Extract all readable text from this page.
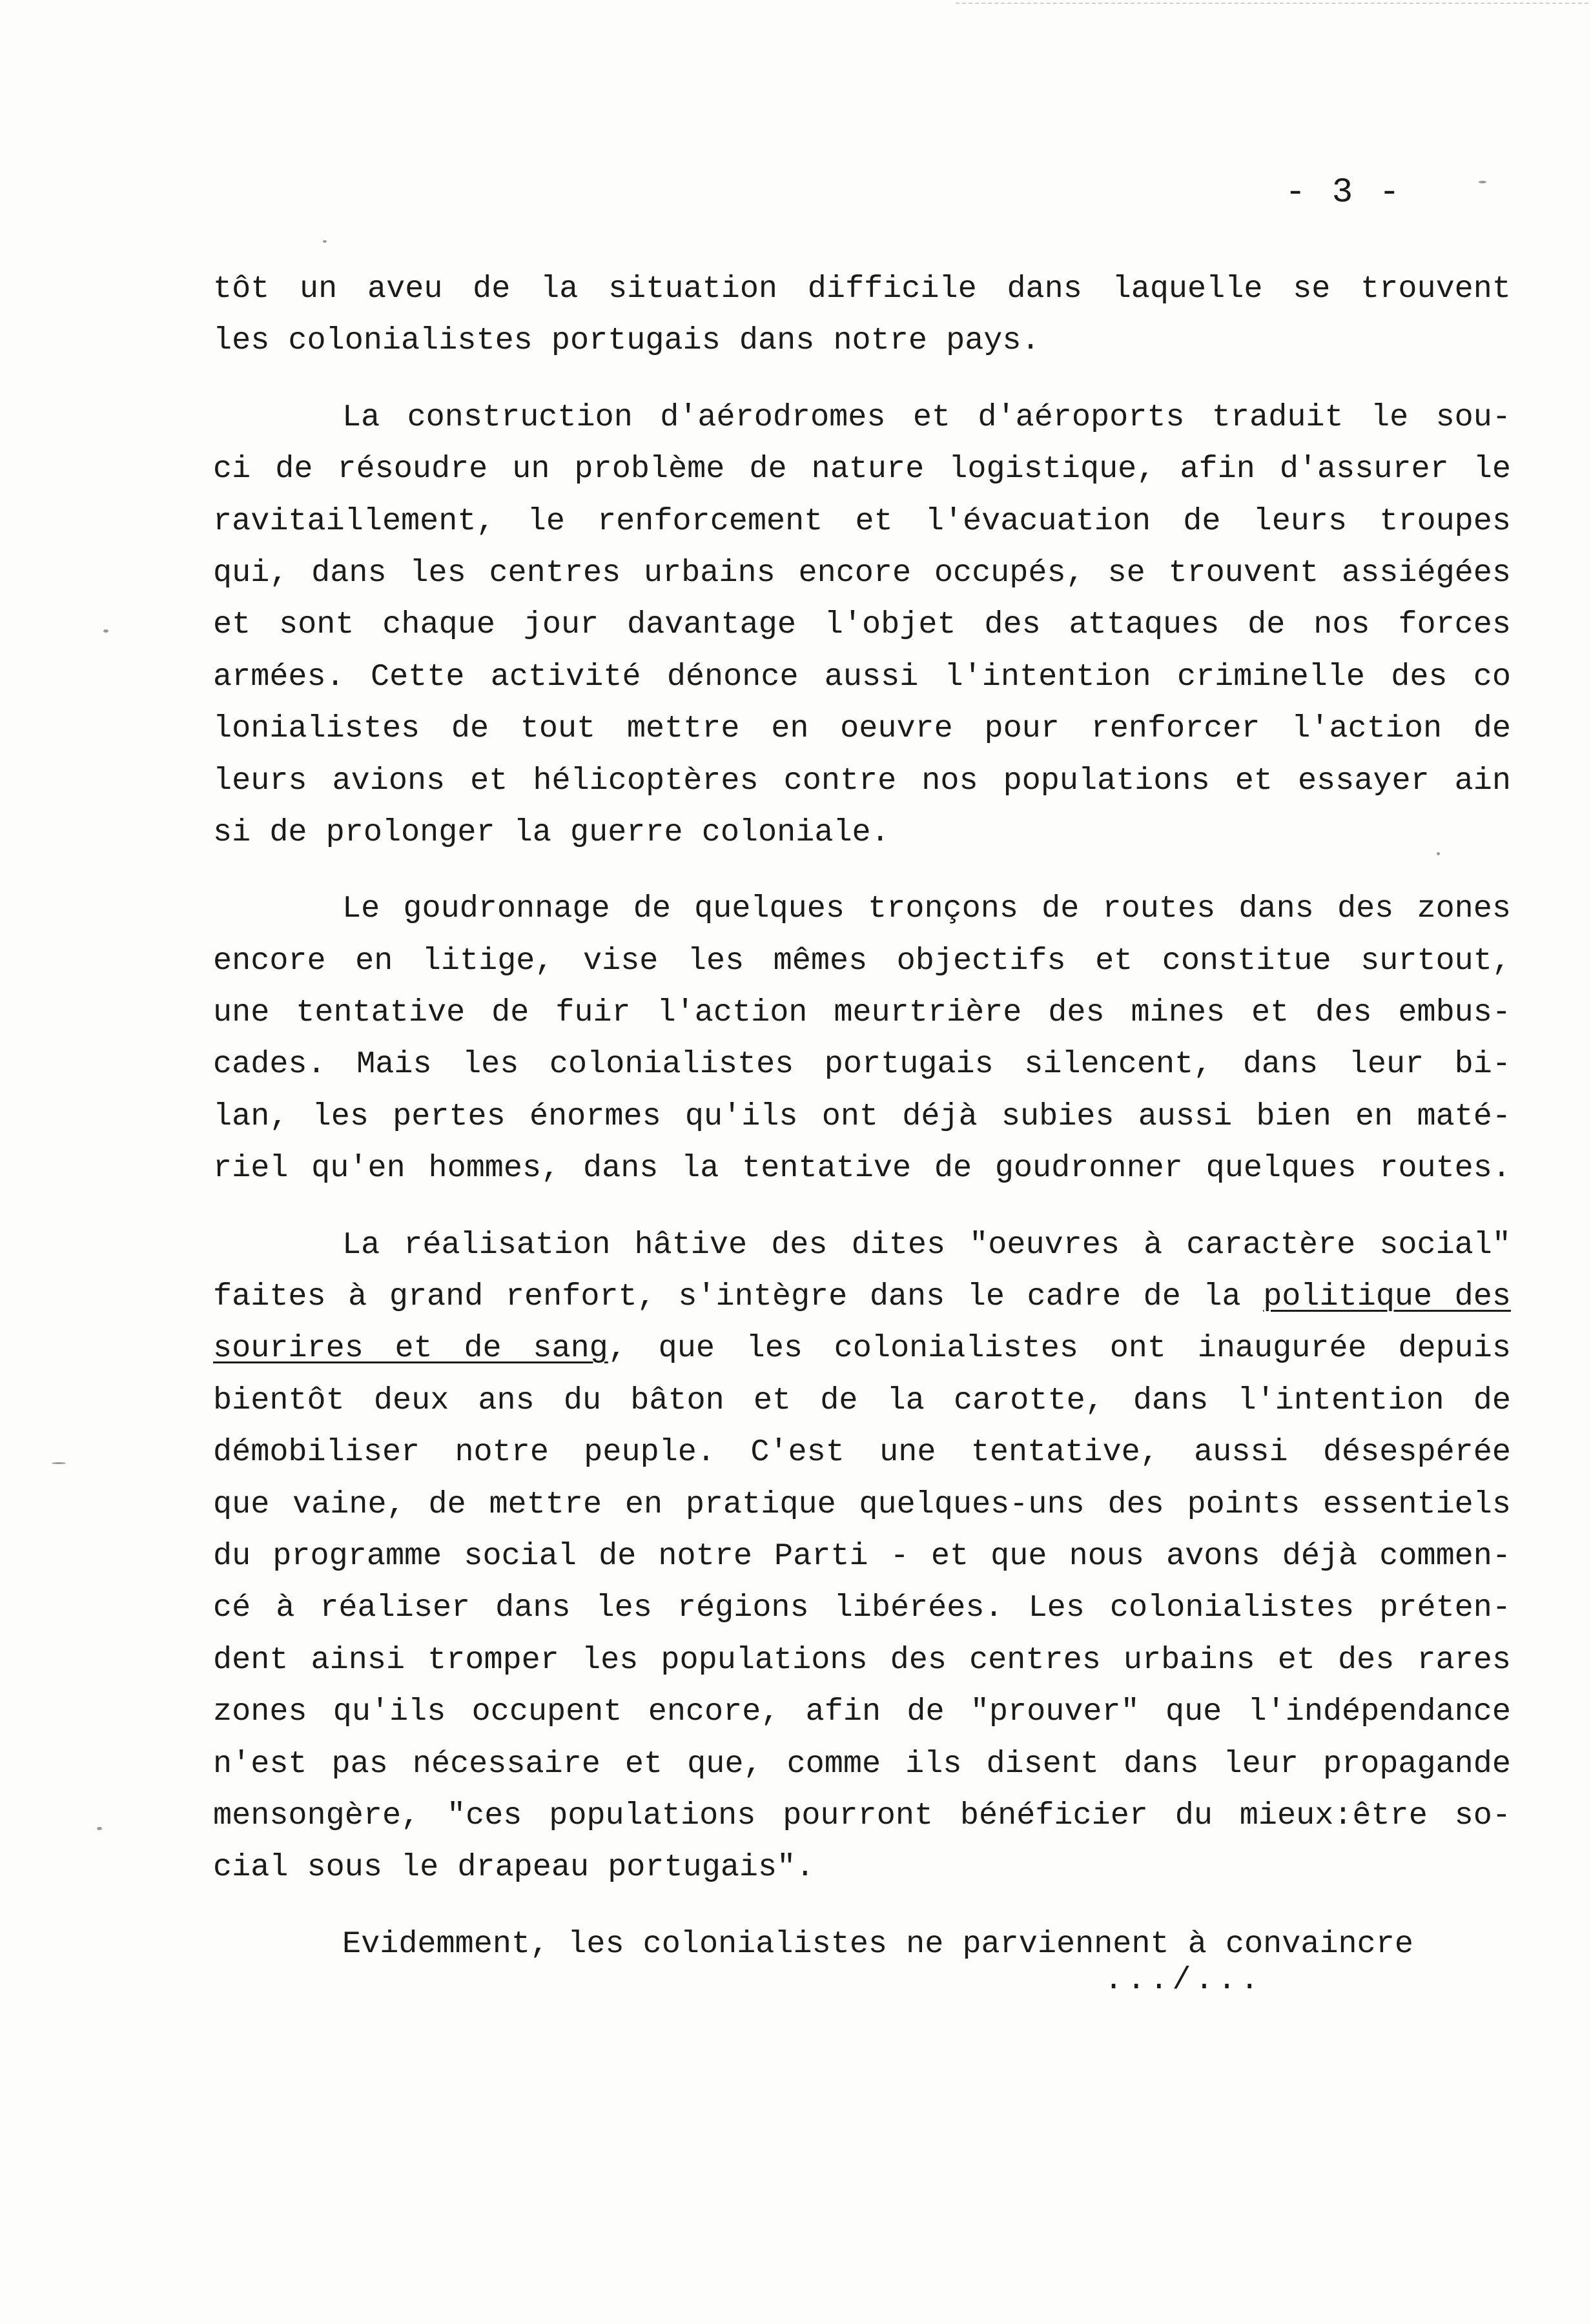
- 3 -
tôt un aveu de la situation difficile dans laquelle se trouvent
les colonialistes portugais dans notre pays.
La construction d'aérodromes et d'aéroports traduit le sou-
ci de résoudre un problème de nature logistique, afin d'assurer le
ravitaillement, le renforcement et l'évacuation de leurs troupes
qui, dans les centres urbains encore occupés, se trouvent assiégées
et sont chaque jour davantage l'objet des attaques de nos forces
armées. Cette activité dénonce aussi l'intention criminelle des co
lonialistes de tout mettre en oeuvre pour renforcer l'action de
leurs avions et hélicoptères contre nos populations et essayer ain
si de prolonger la guerre coloniale.
Le goudronnage de quelques tronçons de routes dans des zones
encore en litige, vise les mêmes objectifs et constitue surtout,
une tentative de fuir l'action meurtrière des mines et des embus-
cades. Mais les colonialistes portugais silencent, dans leur bi-
lan, les pertes énormes qu'ils ont déjà subies aussi bien en maté-
riel qu'en hommes, dans la tentative de goudronner quelques routes.
La réalisation hâtive des dites "oeuvres à caractère social"
faites à grand renfort, s'intègre dans le cadre de la politique des
sourires et de sang, que les colonialistes ont inaugurée depuis
bientôt deux ans du bâton et de la carotte, dans l'intention de
démobiliser notre peuple. C'est une tentative, aussi désespérée
que vaine, de mettre en pratique quelques-uns des points essentiels
du programme social de notre Parti - et que nous avons déjà commen-
cé à réaliser dans les régions libérées. Les colonialistes préten-
dent ainsi tromper les populations des centres urbains et des rares
zones qu'ils occupent encore, afin de "prouver" que l'indépendance
n'est pas nécessaire et que, comme ils disent dans leur propagande
mensongère, "ces populations pourront bénéficier du mieux:être so-
cial sous le drapeau portugais".
Evidemment, les colonialistes ne parviennent à convaincre
.../...
